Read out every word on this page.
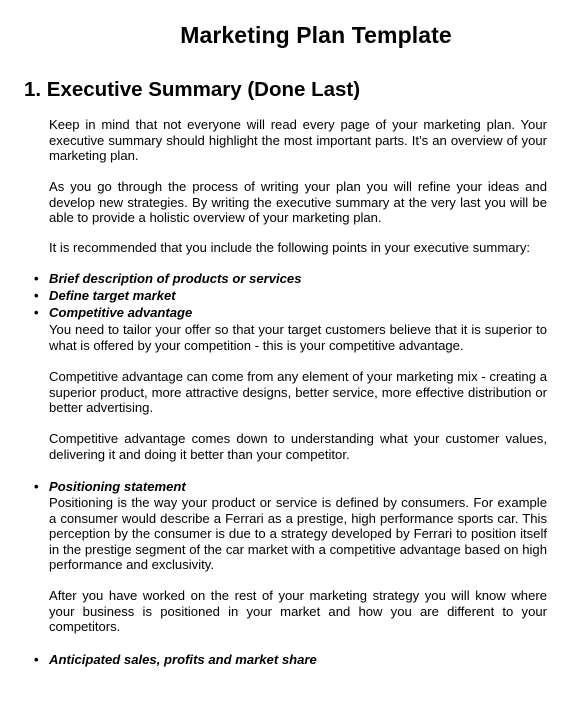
Marketing Plan Template
1. Executive Summary (Done Last)

Keep in mind that not everyone will read every page of your marketing plan. Your executive summary should highlight the most important parts. It’s an overview of your marketing plan.

As you go through the process of writing your plan you will refine your ideas and develop new strategies. By writing the executive summary at the very last you will be able to provide a holistic overview of your marketing plan.

It is recommended that you include the following points in your executive summary:

• Brief description of products or services
• Define target market
• Competitive advantage

You need to tailor your offer so that your target customers believe that it is superior to what is offered by your competition - this is your competitive advantage.

Competitive advantage can come from any element of your marketing mix - creating a superior product, more attractive designs, better service, more effective distribution or better advertising.

Competitive advantage comes down to understanding what your customer values, delivering it and doing it better than your competitor.

• Positioning statement

Positioning is the way your product or service is defined by consumers. For example a consumer would describe a Ferrari as a prestige, high performance sports car. This perception by the consumer is due to a strategy developed by Ferrari to position itself in the prestige segment of the car market with a competitive advantage based on high performance and exclusivity.

After you have worked on the rest of your marketing strategy you will know where your business is positioned in your market and how you are different to your competitors.

• Anticipated sales, profits and market share
